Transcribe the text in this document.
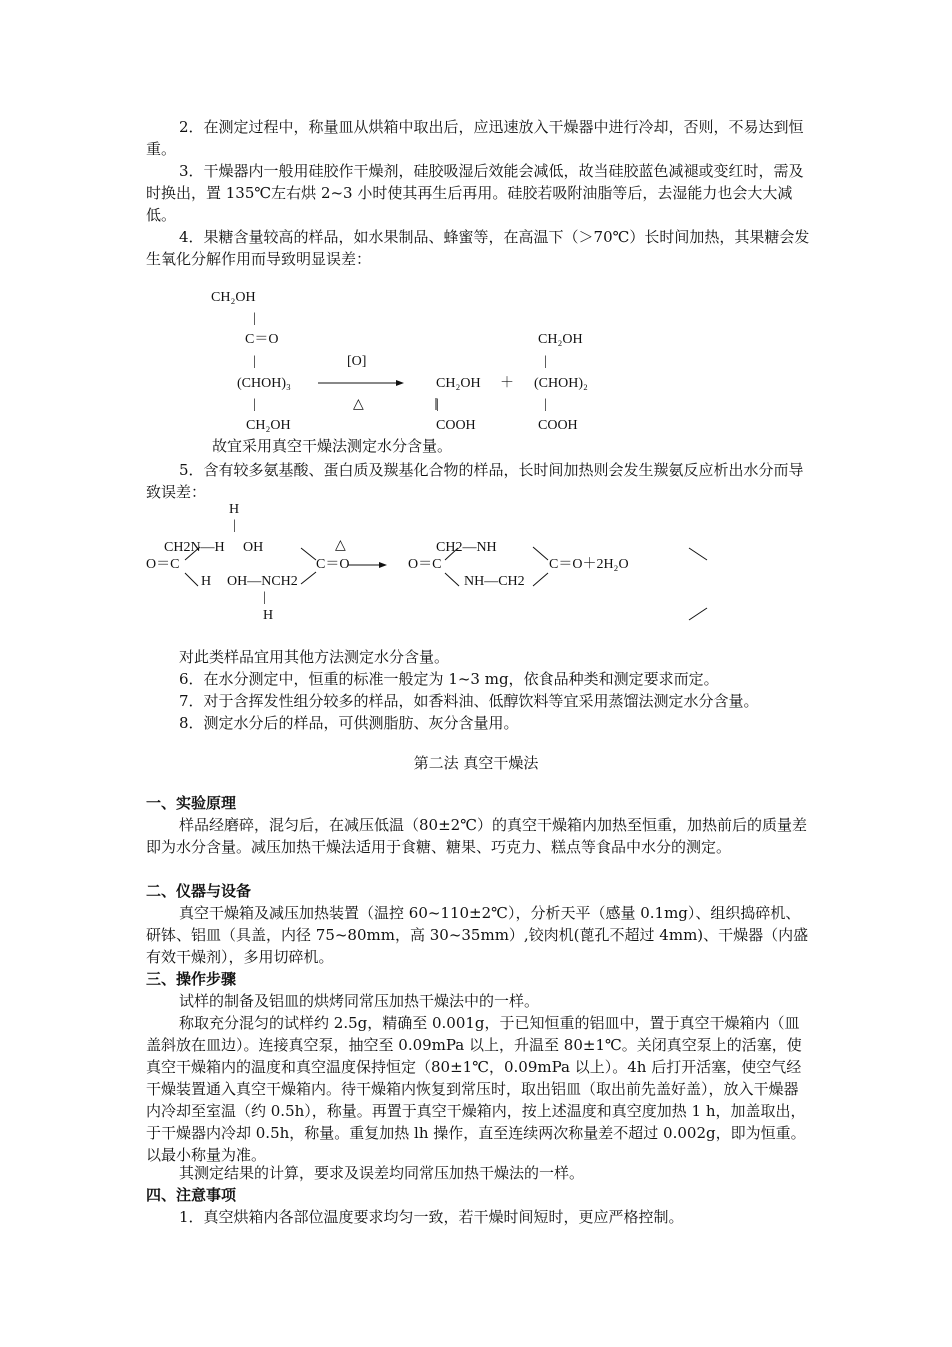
2．在测定过程中，称量皿从烘箱中取出后，应迅速放入干燥器中进行冷却，否则，不易达到恒重。

3．干燥器内一般用硅胶作干燥剂，硅胶吸湿后效能会减低，故当硅胶蓝色减褪或变红时，需及时换出，置 135℃左右烘 2~3 小时使其再生后再用。硅胶若吸附油脂等后，去湿能力也会大大减低。

4．果糖含量较高的样品，如水果制品、蜂蜜等，在高温下（＞70℃）长时间加热，其果糖会发生氧化分解作用而导致明显误差：

CH₂OH
|
C＝O
|
(CHOH)₃
|
CH₂OH
[O]
△
CH₂OH
|
COOH
＋
CH₂OH
|
(CHOH)₂
|
COOH

故宜采用真空干燥法测定水分含量。

5．含有较多氨基酸、蛋白质及羰基化合物的样品，长时间加热则会发生羰氨反应析出水分而导致误差：

H
|
CH2N—H OH
O＝C
H OH—NCH2
|
H
△
C＝O	O＝C
CH2—NH
NH—CH2
C＝O＋2H₂O

对此类样品宜用其他方法测定水分含量。

6．在水分测定中，恒重的标准一般定为 1~3 mg，依食品种类和测定要求而定。

7．对于含挥发性组分较多的样品，如香料油、低醇饮料等宜采用蒸馏法测定水分含量。

8．测定水分后的样品，可供测脂肪、灰分含量用。

第二法 真空干燥法

一、实验原理

样品经磨碎，混匀后，在减压低温（80±2℃）的真空干燥箱内加热至恒重，加热前后的质量差即为水分含量。减压加热干燥法适用于食糖、糖果、巧克力、糕点等食品中水分的测定。

二、仪器与设备

真空干燥箱及减压加热装置（温控 60~110±2℃），分析天平（感量 0.1mg）、组织捣碎机、研钵、铝皿（具盖，内径 75~80mm，高 30~35mm）,铰肉机(蓖孔不超过 4mm)、干燥器（内盛有效干燥剂），多用切碎机。

三、操作步骤

试样的制备及铝皿的烘烤同常压加热干燥法中的一样。

称取充分混匀的试样约 2.5g，精确至 0.001g，于已知恒重的铝皿中，置于真空干燥箱内（皿盖斜放在皿边）。连接真空泵，抽空至 0.09mPa 以上，升温至 80±1℃。关闭真空泵上的活塞，使真空干燥箱内的温度和真空温度保持恒定（80±1℃，0.09mPa 以上）。4h 后打开活塞，使空气经干燥装置通入真空干燥箱内。待干燥箱内恢复到常压时，取出铝皿（取出前先盖好盖），放入干燥器内冷却至室温（约 0.5h），称量。再置于真空干燥箱内，按上述温度和真空度加热 1 h，加盖取出，于干燥器内冷却 0.5h，称量。重复加热 lh 操作，直至连续两次称量差不超过 0.002g，即为恒重。以最小称量为准。

其测定结果的计算，要求及误差均同常压加热干燥法的一样。

四、注意事项

1．真空烘箱内各部位温度要求均匀一致，若干燥时间短时，更应严格控制。
